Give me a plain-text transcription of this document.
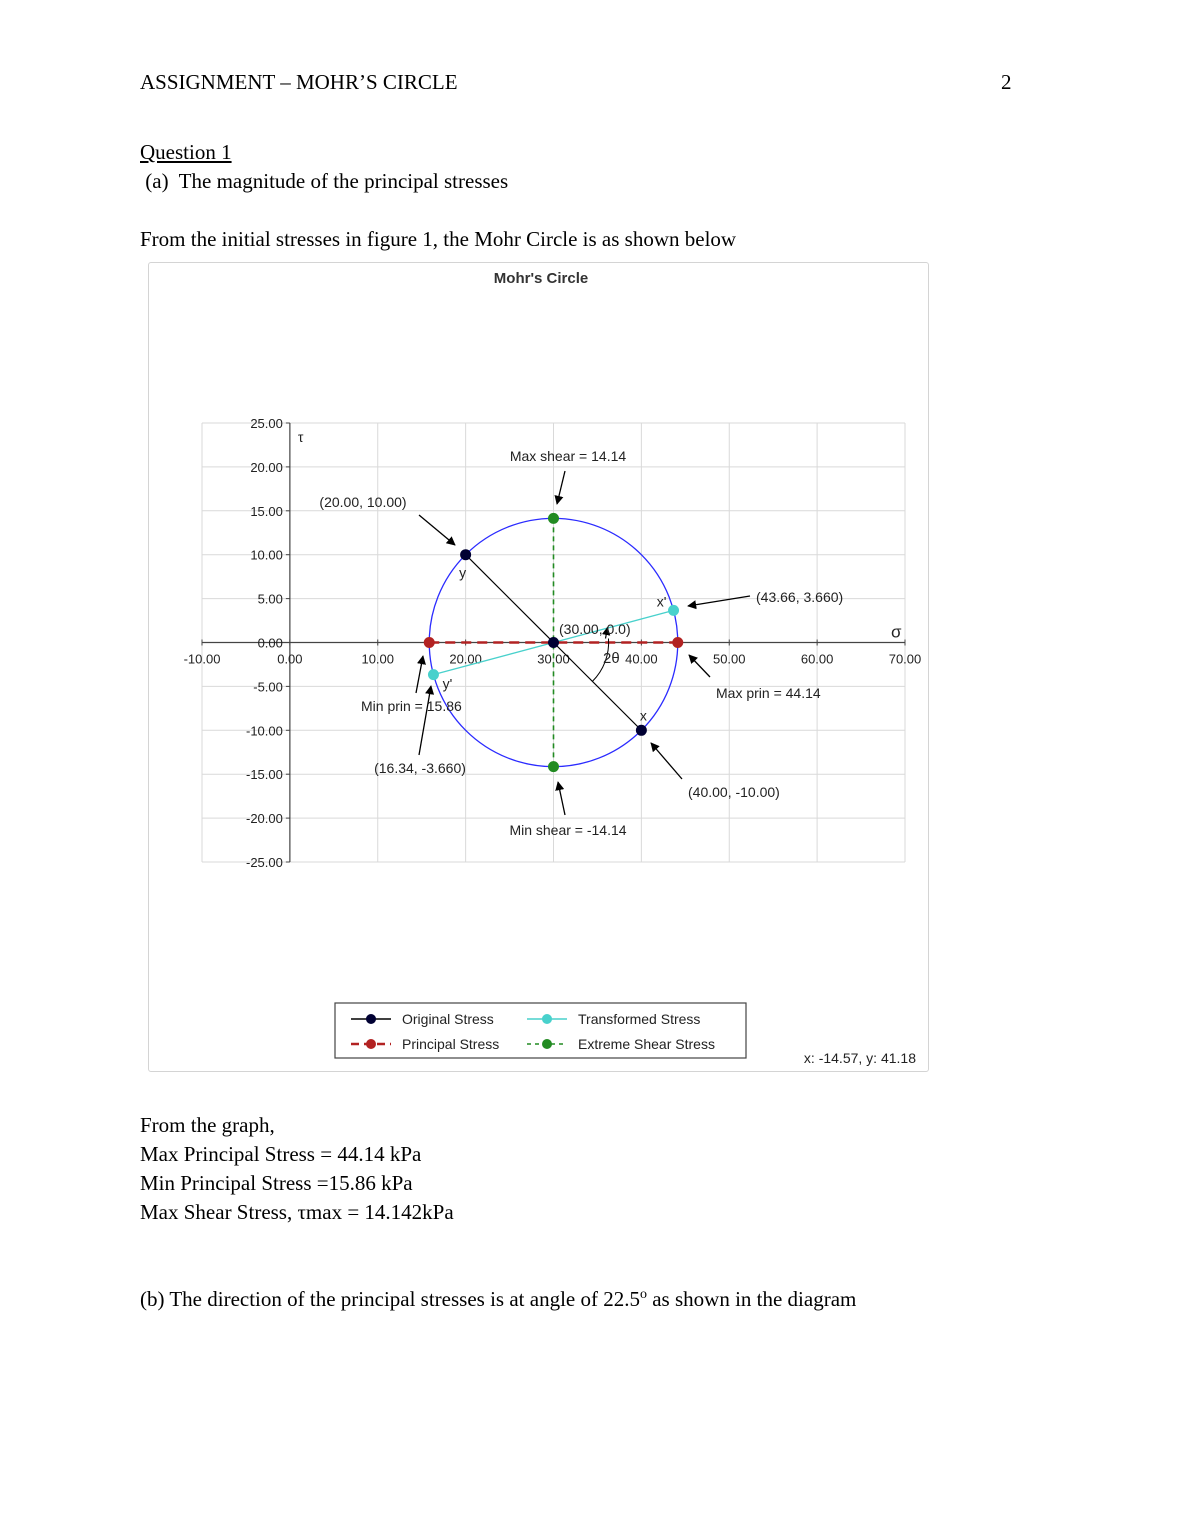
ASSIGNMENT – MOHR’S CIRCLE	2
Question 1
(a)  The magnitude of the principal stresses
From the initial stresses in figure 1, the Mohr Circle is as shown below
Mohr's Circle
-10.00	0.00	10.00	20.00	30.00	40.00	50.00	60.00	70.00
25.00
20.00
15.00
10.00
5.00
0.00
-5.00
-10.00
-15.00
-20.00
-25.00
τ
σ
y
x
x'
y'
Max shear = 14.14
(20.00, 10.00)
(43.66, 3.660)
(30.00, 0.0)
2θ
Max prin = 44.14
Min prin = 15.86
(16.34, -3.660)
(40.00, -10.00)
Min shear = -14.14
Original Stress	Transformed Stress
Principal Stress	Extreme Shear Stress
x: -14.57, y: 41.18
From the graph,
Max Principal Stress = 44.14 kPa
Min Principal Stress =15.86 kPa
Max Shear Stress, τmax = 14.142kPa
(b) The direction of the principal stresses is at angle of 22.5$^o$ as shown in the diagram
